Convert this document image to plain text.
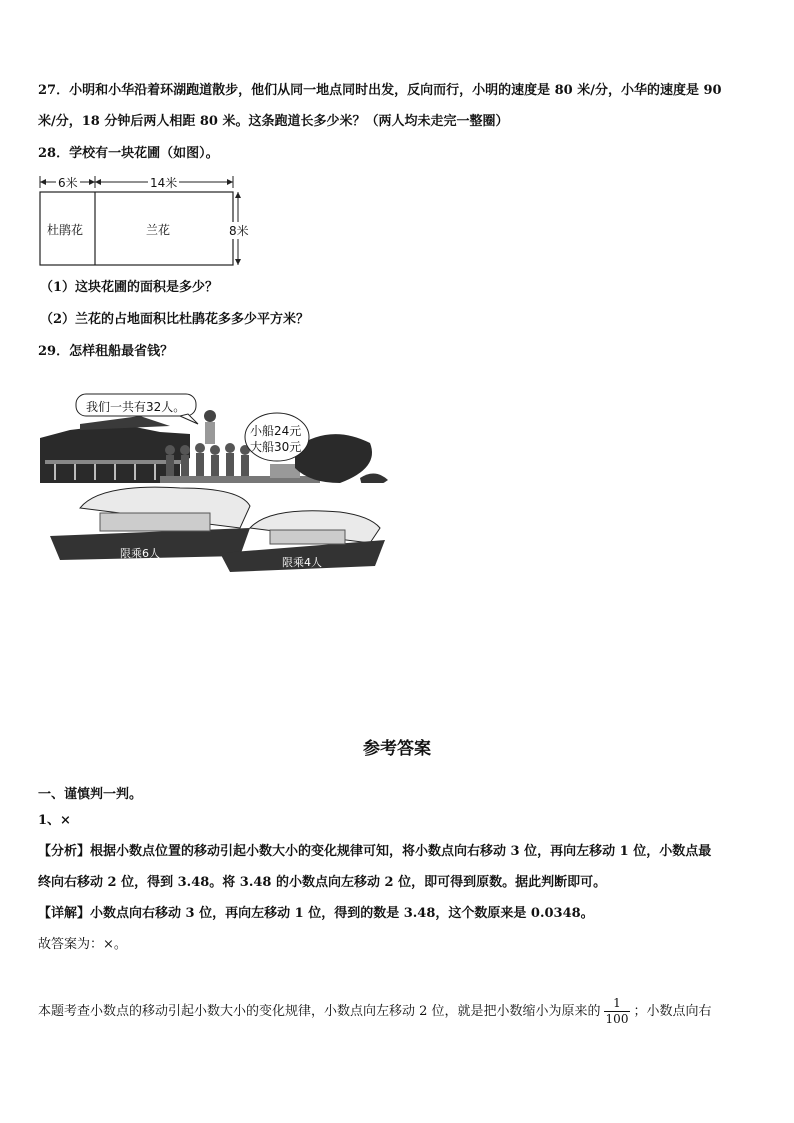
27．小明和小华沿着环湖跑道散步，他们从同一地点同时出发，反向而行，小明的速度是 80 米/分，小华的速度是 90
米/分，18 分钟后两人相距 80 米。这条跑道长多少米？（两人均未走完一整圈）
28．学校有一块花圃（如图）。
6米	14米
8米
杜鹃花	兰花
（1）这块花圃的面积是多少？
（2）兰花的占地面积比杜鹃花多多少平方米？
29．怎样租船最省钱？
我们一共有32人。
小船24元
大船30元
限乘6人
限乘4人
参考答案
一、谨慎判一判。
1、×
【分析】根据小数点位置的移动引起小数大小的变化规律可知，将小数点向右移动 3 位，再向左移动 1 位，小数点最
终向右移动 2 位，得到 3.48。将 3.48 的小数点向左移动 2 位，即可得到原数。据此判断即可。
【详解】小数点向右移动 3 位，再向左移动 1 位，得到的数是 3.48，这个数原来是 0.0348。
故答案为：×。
本题考查小数点的移动引起小数大小的变化规律，小数点向左移动 2 位，就是把小数缩小为原来的 $\frac{1}{100}$ ；小数点向右
